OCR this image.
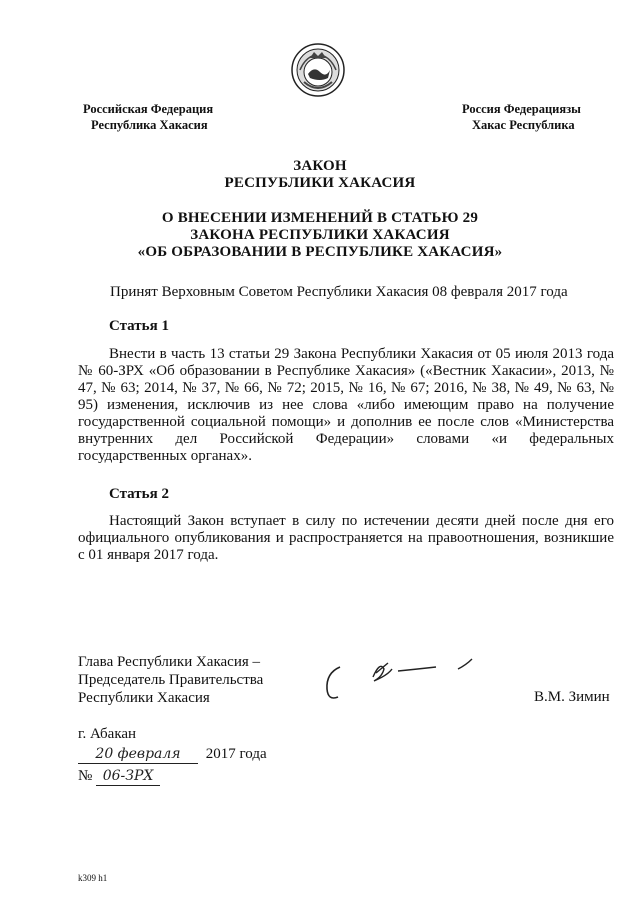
Российская Федерация
Республика Хакасия
Россия Федерациязы
Хакас Республика
ЗАКОН
РЕСПУБЛИКИ ХАКАСИЯ
О ВНЕСЕНИИ ИЗМЕНЕНИЙ В СТАТЬЮ 29
ЗАКОНА РЕСПУБЛИКИ ХАКАСИЯ
«ОБ ОБРАЗОВАНИИ В РЕСПУБЛИКЕ ХАКАСИЯ»
Принят Верховным Советом Республики Хакасия 08 февраля 2017 года
Статья 1
Внести в часть 13 статьи 29 Закона Республики Хакасия от 05 июля 2013 года № 60-ЗРХ «Об образовании в Республике Хакасия» («Вестник Хакасии», 2013, № 47, № 63; 2014, № 37, № 66, № 72; 2015, № 16, № 67; 2016, № 38, № 49, № 63, № 95) изменения, исключив из нее слова «либо имеющим право на получение государственной социальной помощи» и дополнив ее после слов «Министерства внутренних дел Российской Федерации» словами «и федеральных государственных органах».
Статья 2
Настоящий Закон вступает в силу по истечении десяти дней после дня его официального опубликования и распространяется на правоотношения, возникшие с 01 января 2017 года.
Глава Республики Хакасия –
Председатель Правительства
Республики Хакасия	В.М. Зимин
г. Абакан
20 февраля 2017 года
№ 06-ЗРХ
k309 h1
